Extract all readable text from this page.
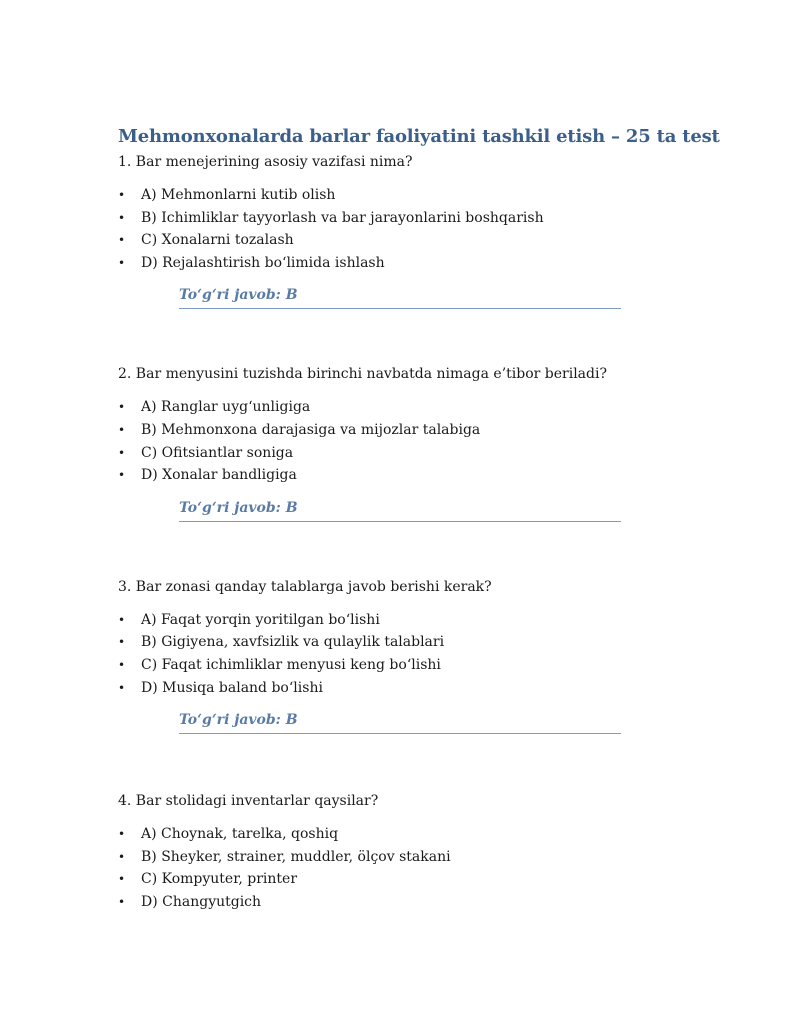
Mehmonxonalarda barlar faoliyatini tashkil etish – 25 ta test

1. Bar menejerining asosiy vazifasi nima?

• A) Mehmonlarni kutib olish
• B) Ichimliklar tayyorlash va bar jarayonlarini boshqarish
• C) Xonalarni tozalash
• D) Rejalashtirish bo‘limida ishlash
To‘g‘ri javob: B

2. Bar menyusini tuzishda birinchi navbatda nimaga e’tibor beriladi?

• A) Ranglar uyg‘unligiga
• B) Mehmonxona darajasiga va mijozlar talabiga
• C) Ofitsiantlar soniga
• D) Xonalar bandligiga
To‘g‘ri javob: B

3. Bar zonasi qanday talablarga javob berishi kerak?

• A) Faqat yorqin yoritilgan bo‘lishi
• B) Gigiyena, xavfsizlik va qulaylik talablari
• C) Faqat ichimliklar menyusi keng bo‘lishi
• D) Musiqa baland bo‘lishi
To‘g‘ri javob: B

4. Bar stolidagi inventarlar qaysilar?

• A) Choynak, tarelka, qoshiq
• B) Sheyker, strainer, muddler, ölçov stakani
• C) Kompyuter, printer
• D) Changyutgich
